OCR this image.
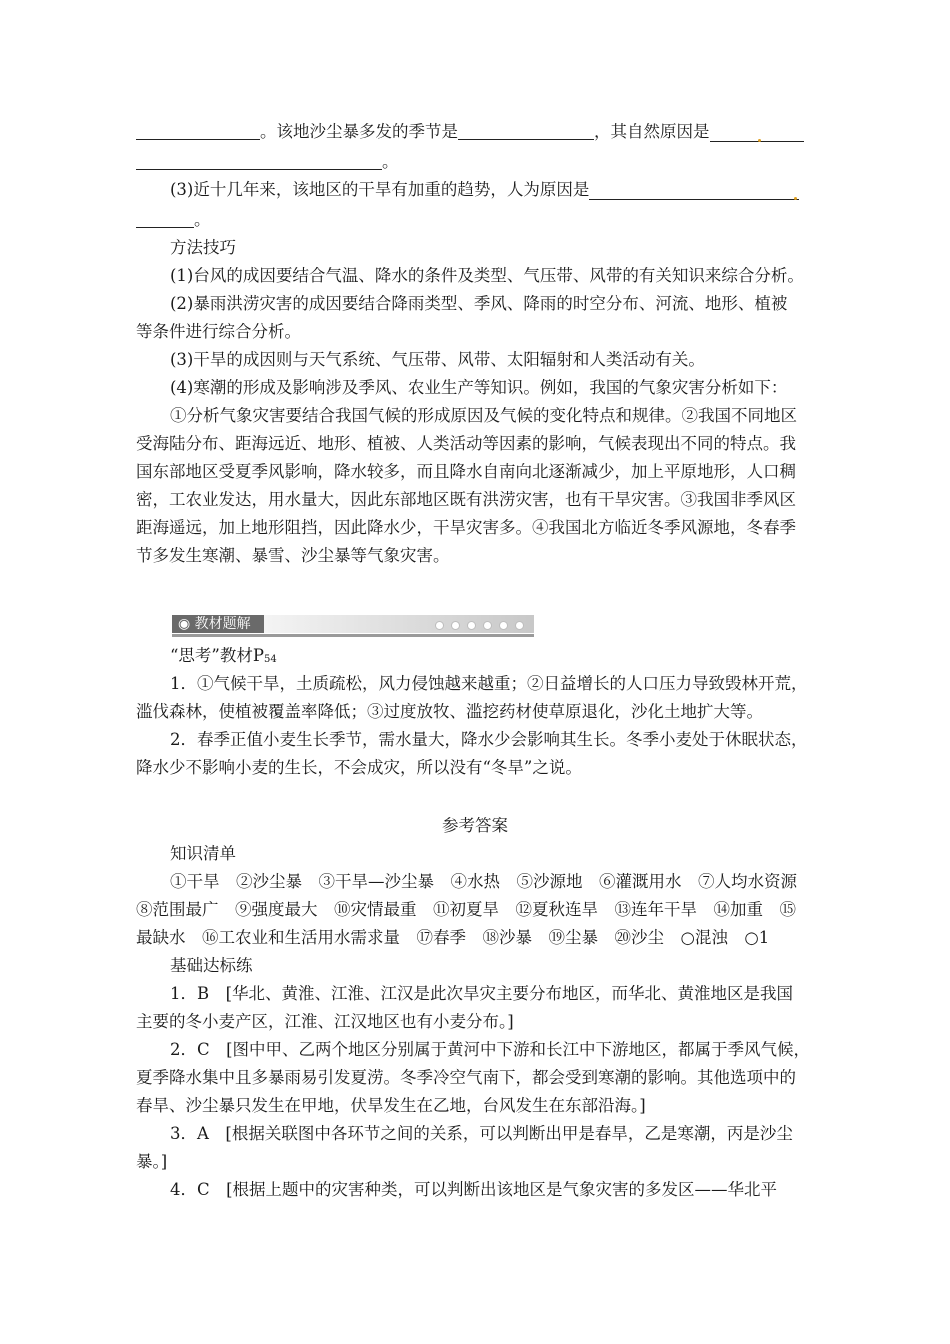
。该地沙尘暴多发的季节是	，其自然原因是
。
(3)近十几年来，该地区的干旱有加重的趋势，人为原因是
。
方法技巧
(1)台风的成因要结合气温、降水的条件及类型、气压带、风带的有关知识来综合分析。
(2)暴雨洪涝灾害的成因要结合降雨类型、季风、降雨的时空分布、河流、地形、植被
等条件进行综合分析。
(3)干旱的成因则与天气系统、气压带、风带、太阳辐射和人类活动有关。
(4)寒潮的形成及影响涉及季风、农业生产等知识。例如，我国的气象灾害分析如下：
①分析气象灾害要结合我国气候的形成原因及气候的变化特点和规律。②我国不同地区
受海陆分布、距海远近、地形、植被、人类活动等因素的影响，气候表现出不同的特点。我
国东部地区受夏季风影响，降水较多，而且降水自南向北逐渐减少，加上平原地形，人口稠
密，工农业发达，用水量大，因此东部地区既有洪涝灾害，也有干旱灾害。③我国非季风区
距海遥远，加上地形阻挡，因此降水少，干旱灾害多。④我国北方临近冬季风源地，冬春季
节多发生寒潮、暴雪、沙尘暴等气象灾害。
◉ 教材题解
“思考”教材$P_{54}$
1．①气候干旱，土质疏松，风力侵蚀越来越重；②日益增长的人口压力导致毁林开荒，
滥伐森林，使植被覆盖率降低；③过度放牧、滥挖药材使草原退化，沙化土地扩大等。
2．春季正值小麦生长季节，需水量大，降水少会影响其生长。冬季小麦处于休眠状态，
降水少不影响小麦的生长，不会成灾，所以没有“冬旱”之说。
参考答案
知识清单
①干旱　②沙尘暴　③干旱—沙尘暴　④水热　⑤沙源地　⑥灌溉用水　⑦人均水资源
⑧范围最广　⑨强度最大　⑩灾情最重　⑪初夏旱　⑫夏秋连旱　⑬连年干旱　⑭加重　⑮
最缺水　⑯工农业和生活用水需求量　⑰春季　⑱沙暴　⑲尘暴　⑳沙尘　○混浊　○1
基础达标练
1．B　[华北、黄淮、江淮、江汉是此次旱灾主要分布地区，而华北、黄淮地区是我国
主要的冬小麦产区，江淮、江汉地区也有小麦分布。]
2．C　[图中甲、乙两个地区分别属于黄河中下游和长江中下游地区，都属于季风气候，
夏季降水集中且多暴雨易引发夏涝。冬季冷空气南下，都会受到寒潮的影响。其他选项中的
春旱、沙尘暴只发生在甲地，伏旱发生在乙地，台风发生在东部沿海。]
3．A　[根据关联图中各环节之间的关系，可以判断出甲是春旱，乙是寒潮，丙是沙尘
暴。]
4．C　[根据上题中的灾害种类，可以判断出该地区是气象灾害的多发区——华北平
